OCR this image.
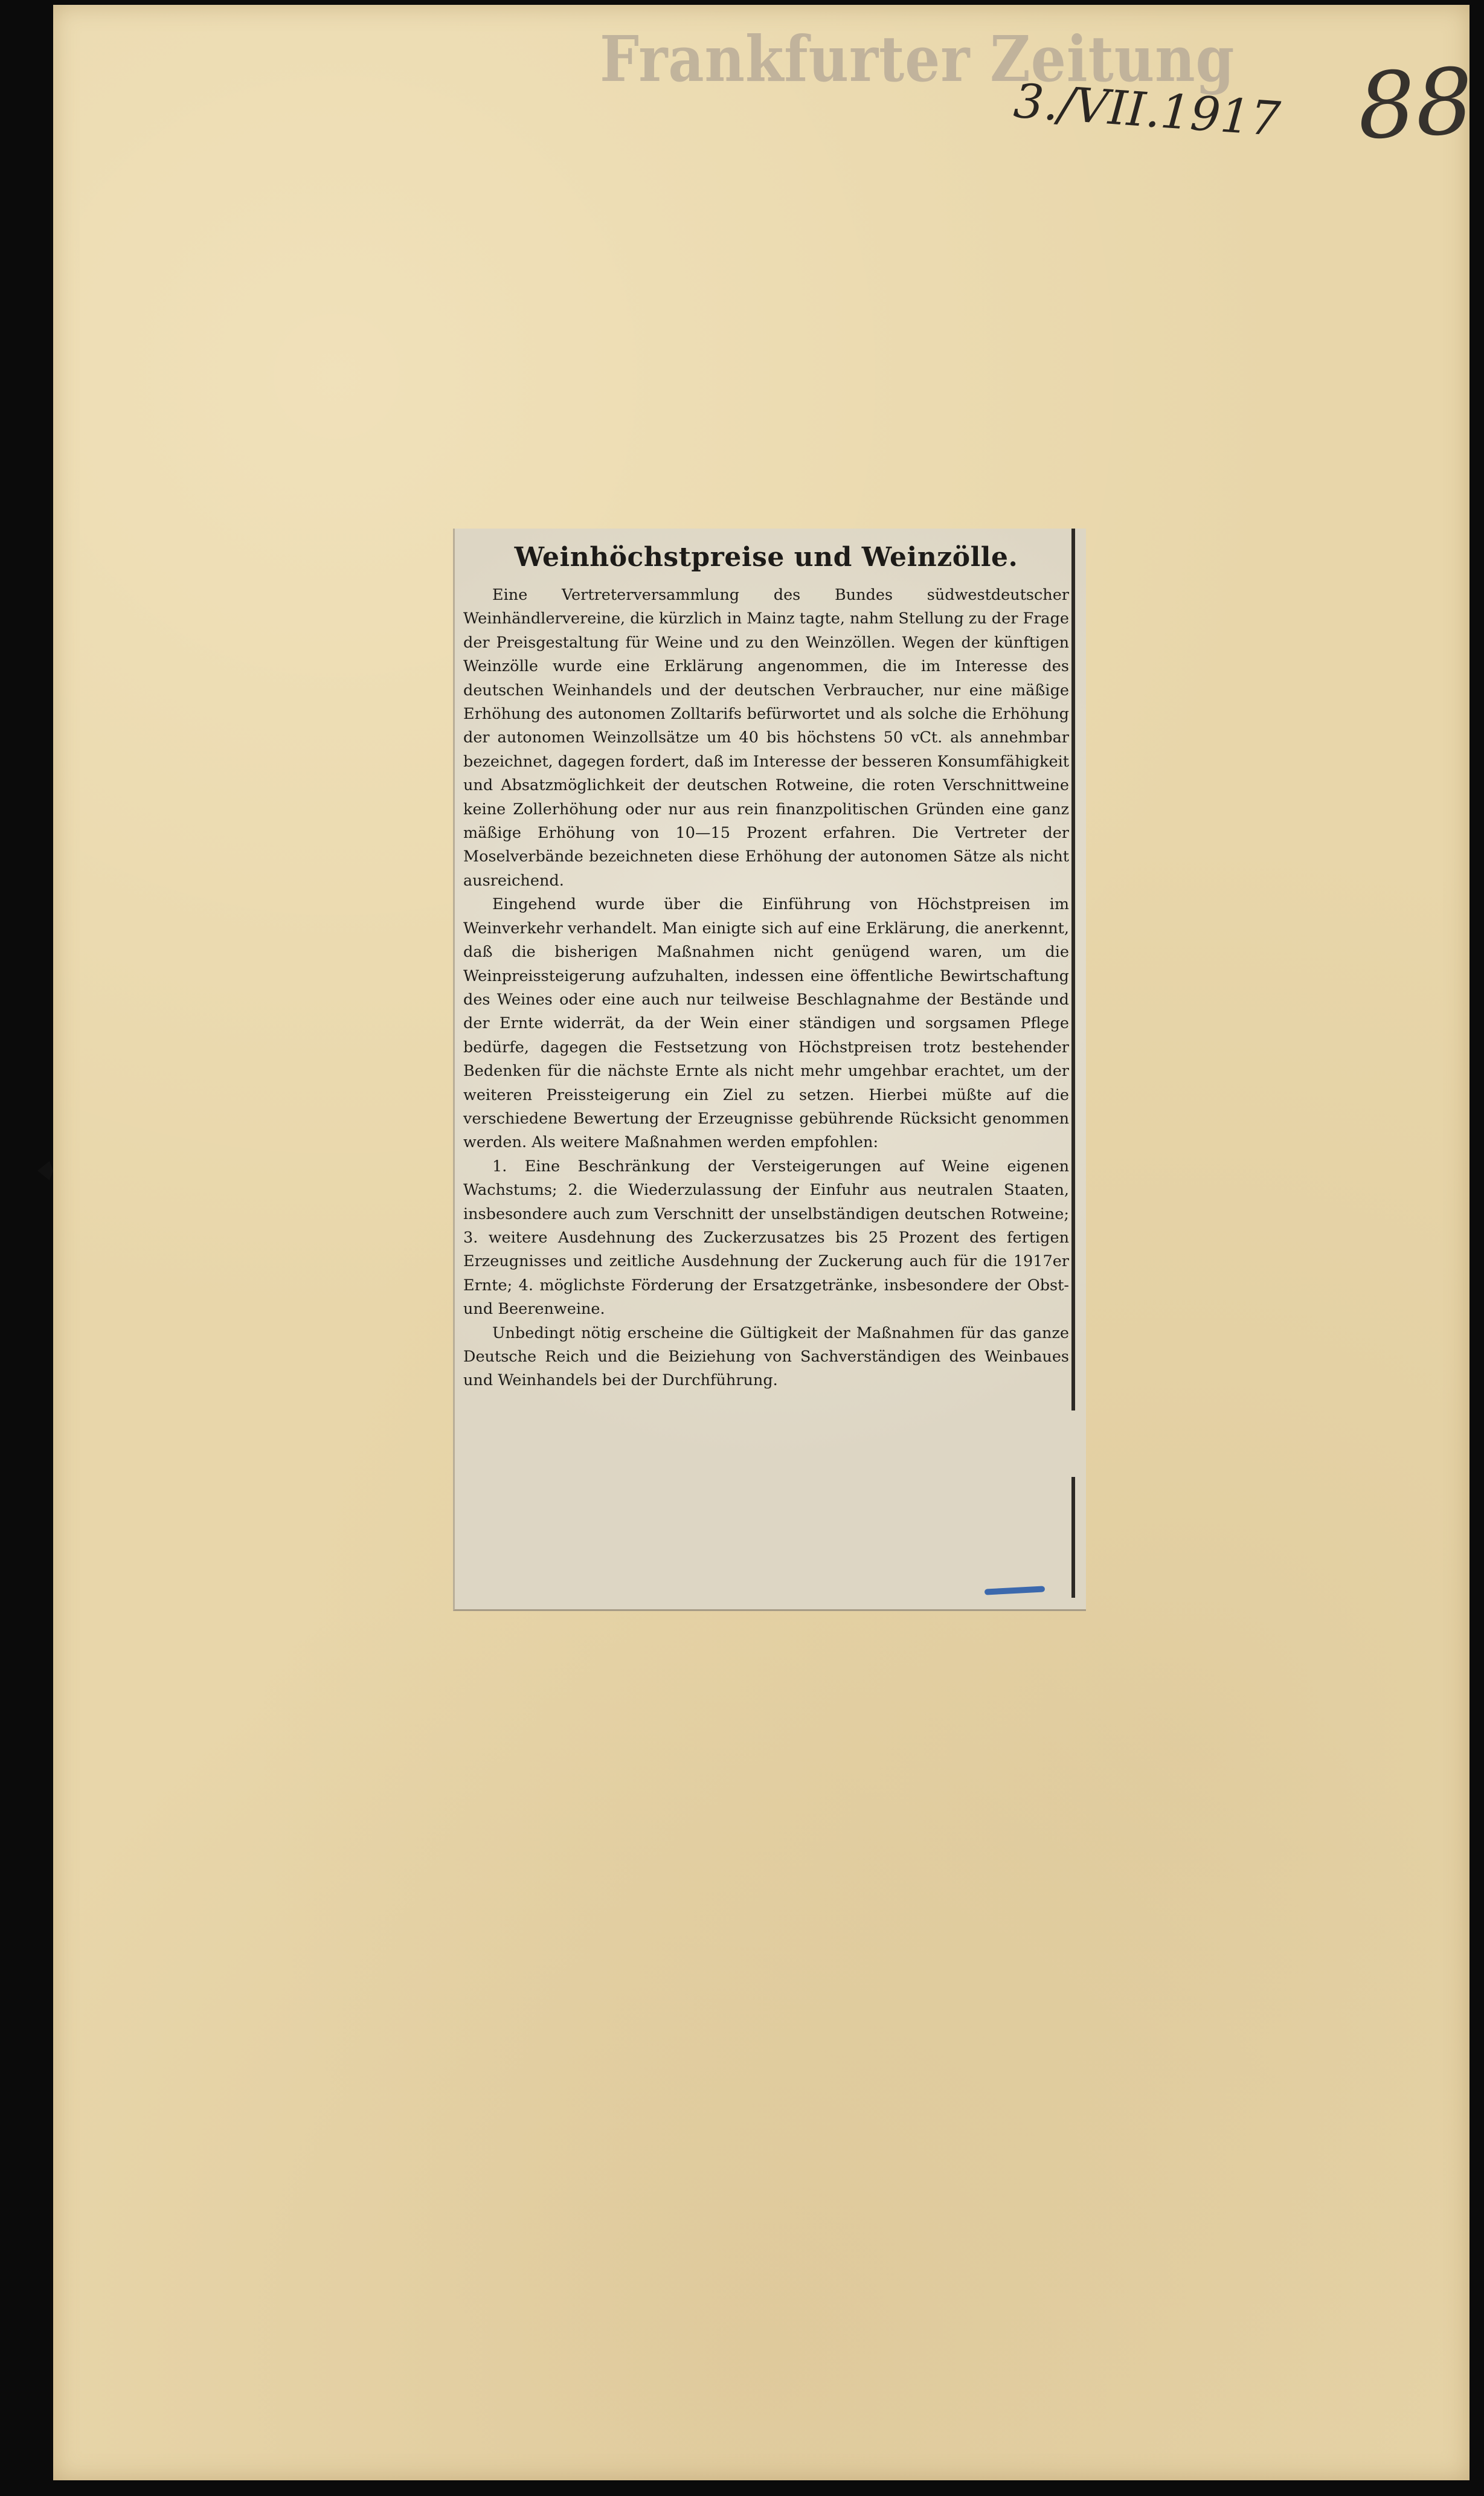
Frankfurter Zeitung
3./VII.1917 88
Weinhöchstpreise und Weinzölle.

Eine Vertreterversammlung des Bundes südwestdeutscher Weinhändlervereine, die kürzlich in Mainz tagte, nahm Stellung zu der Frage der Preisgestaltung für Weine und zu den Weinzöllen. Wegen der künftigen Weinzölle wurde eine Erklärung angenommen, die im Interesse des deutschen Weinhandels und der deutschen Verbraucher, nur eine mäßige Erhöhung des autonomen Zolltarifs befürwortet und als solche die Erhöhung der autonomen Weinzollsätze um 40 bis höchstens 50 vCt. als annehmbar bezeichnet, dagegen fordert, daß im Interesse der besseren Konsumfähigkeit und Absatzmöglichkeit der deutschen Rotweine, die roten Verschnittweine keine Zollerhöhung oder nur aus rein finanzpolitischen Gründen eine ganz mäßige Erhöhung von 10—15 Prozent erfahren. Die Vertreter der Moselverbände bezeichneten diese Erhöhung der autonomen Sätze als nicht ausreichend.

Eingehend wurde über die Einführung von Höchstpreisen im Weinverkehr verhandelt. Man einigte sich auf eine Erklärung, die anerkennt, daß die bisherigen Maßnahmen nicht genügend waren, um die Weinpreissteigerung aufzuhalten, indessen eine öffentliche Bewirtschaftung des Weines oder eine auch nur teilweise Beschlagnahme der Bestände und der Ernte widerrät, da der Wein einer ständigen und sorgsamen Pflege bedürfe, dagegen die Festsetzung von Höchstpreisen trotz bestehender Bedenken für die nächste Ernte als nicht mehr umgehbar erachtet, um der weiteren Preissteigerung ein Ziel zu setzen. Hierbei müßte auf die verschiedene Bewertung der Erzeugnisse gebührende Rücksicht genommen werden. Als weitere Maßnahmen werden empfohlen:

1. Eine Beschränkung der Versteigerungen auf Weine eigenen Wachstums; 2. die Wiederzulassung der Einfuhr aus neutralen Staaten, insbesondere auch zum Verschnitt der unselbständigen deutschen Rotweine; 3. weitere Ausdehnung des Zuckerzusatzes bis 25 Prozent des fertigen Erzeugnisses und zeitliche Ausdehnung der Zuckerung auch für die 1917er Ernte; 4. möglichste Förderung der Ersatzgetränke, insbesondere der Obst- und Beerenweine.

Unbedingt nötig erscheine die Gültigkeit der Maßnahmen für das ganze Deutsche Reich und die Beiziehung von Sachverständigen des Weinbaues und Weinhandels bei der Durchführung.
